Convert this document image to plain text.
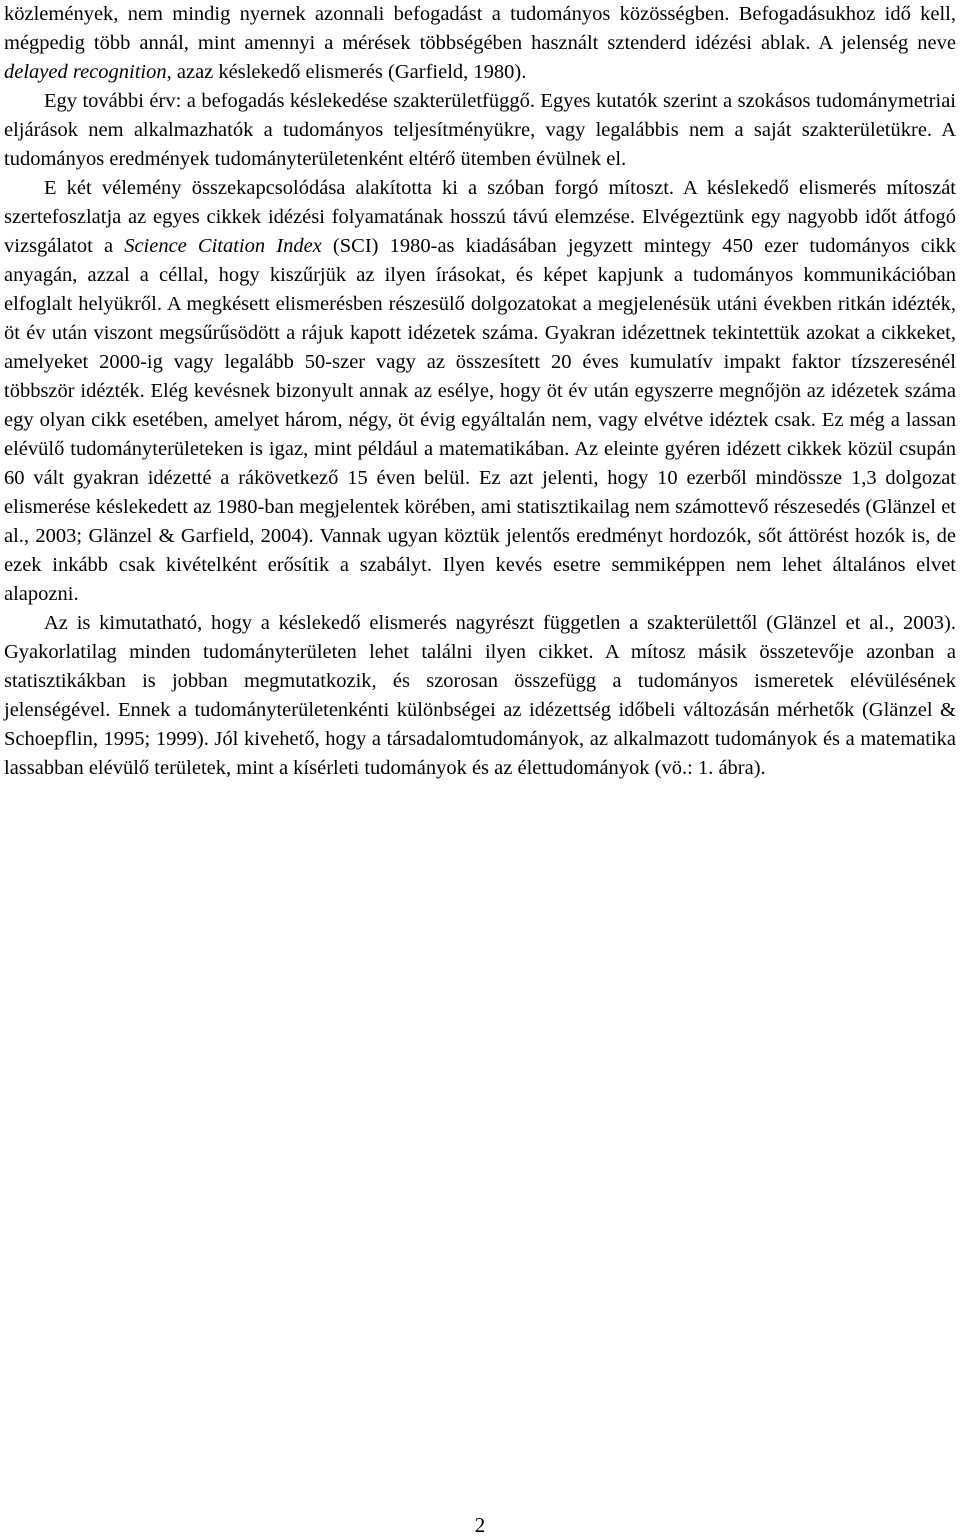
közlemények, nem mindig nyernek azonnali befogadást a tudományos közösségben. Befogadásukhoz idő kell, mégpedig több annál, mint amennyi a mérések többségében használt sztenderd idézési ablak. A jelenség neve delayed recognition, azaz késlekedő elismerés (Garfield, 1980).

Egy további érv: a befogadás késlekedése szakterületfüggő. Egyes kutatók szerint a szokásos tudománymetriai eljárások nem alkalmazhatók a tudományos teljesítményükre, vagy legalábbis nem a saját szakterületükre. A tudományos eredmények tudományterületenként eltérő ütemben évülnek el.

E két vélemény összekapcsolódása alakította ki a szóban forgó mítoszt. A késlekedő elismerés mítoszát szertefoszlatja az egyes cikkek idézési folyamatának hosszú távú elemzése. Elvégeztünk egy nagyobb időt átfogó vizsgálatot a Science Citation Index (SCI) 1980-as kiadásában jegyzett mintegy 450 ezer tudományos cikk anyagán, azzal a céllal, hogy kiszűrjük az ilyen írásokat, és képet kapjunk a tudományos kommunikációban elfoglalt helyükről. A megkésett elismerésben részesülő dolgozatokat a megjelenésük utáni években ritkán idézték, öt év után viszont megsűrűsödött a rájuk kapott idézetek száma. Gyakran idézettnek tekintettük azokat a cikkeket, amelyeket 2000-ig vagy legalább 50-szer vagy az összesített 20 éves kumulatív impakt faktor tízszeresénél többször idézték. Elég kevésnek bizonyult annak az esélye, hogy öt év után egyszerre megnőjön az idézetek száma egy olyan cikk esetében, amelyet három, négy, öt évig egyáltalán nem, vagy elvétve idéztek csak. Ez még a lassan elévülő tudományterületeken is igaz, mint például a matematikában. Az eleinte gyéren idézett cikkek közül csupán 60 vált gyakran idézetté a rákövetkező 15 éven belül. Ez azt jelenti, hogy 10 ezerből mindössze 1,3 dolgozat elismerése késlekedett az 1980-ban megjelentek körében, ami statisztikailag nem számottevő részesedés (Glänzel et al., 2003; Glänzel & Garfield, 2004). Vannak ugyan köztük jelentős eredményt hordozók, sőt áttörést hozók is, de ezek inkább csak kivételként erősítik a szabályt. Ilyen kevés esetre semmiképpen nem lehet általános elvet alapozni.

Az is kimutatható, hogy a késlekedő elismerés nagyrészt független a szakterülettől (Glänzel et al., 2003). Gyakorlatilag minden tudományterületen lehet találni ilyen cikket. A mítosz másik összetevője azonban a statisztikákban is jobban megmutatkozik, és szorosan összefügg a tudományos ismeretek elévülésének jelenségével. Ennek a tudományterületenkénti különbségei az idézettség időbeli változásán mérhetők (Glänzel & Schoepflin, 1995; 1999). Jól kivehető, hogy a társadalomtudományok, az alkalmazott tudományok és a matematika lassabban elévülő területek, mint a kísérleti tudományok és az élettudományok (vö.: 1. ábra).

2
